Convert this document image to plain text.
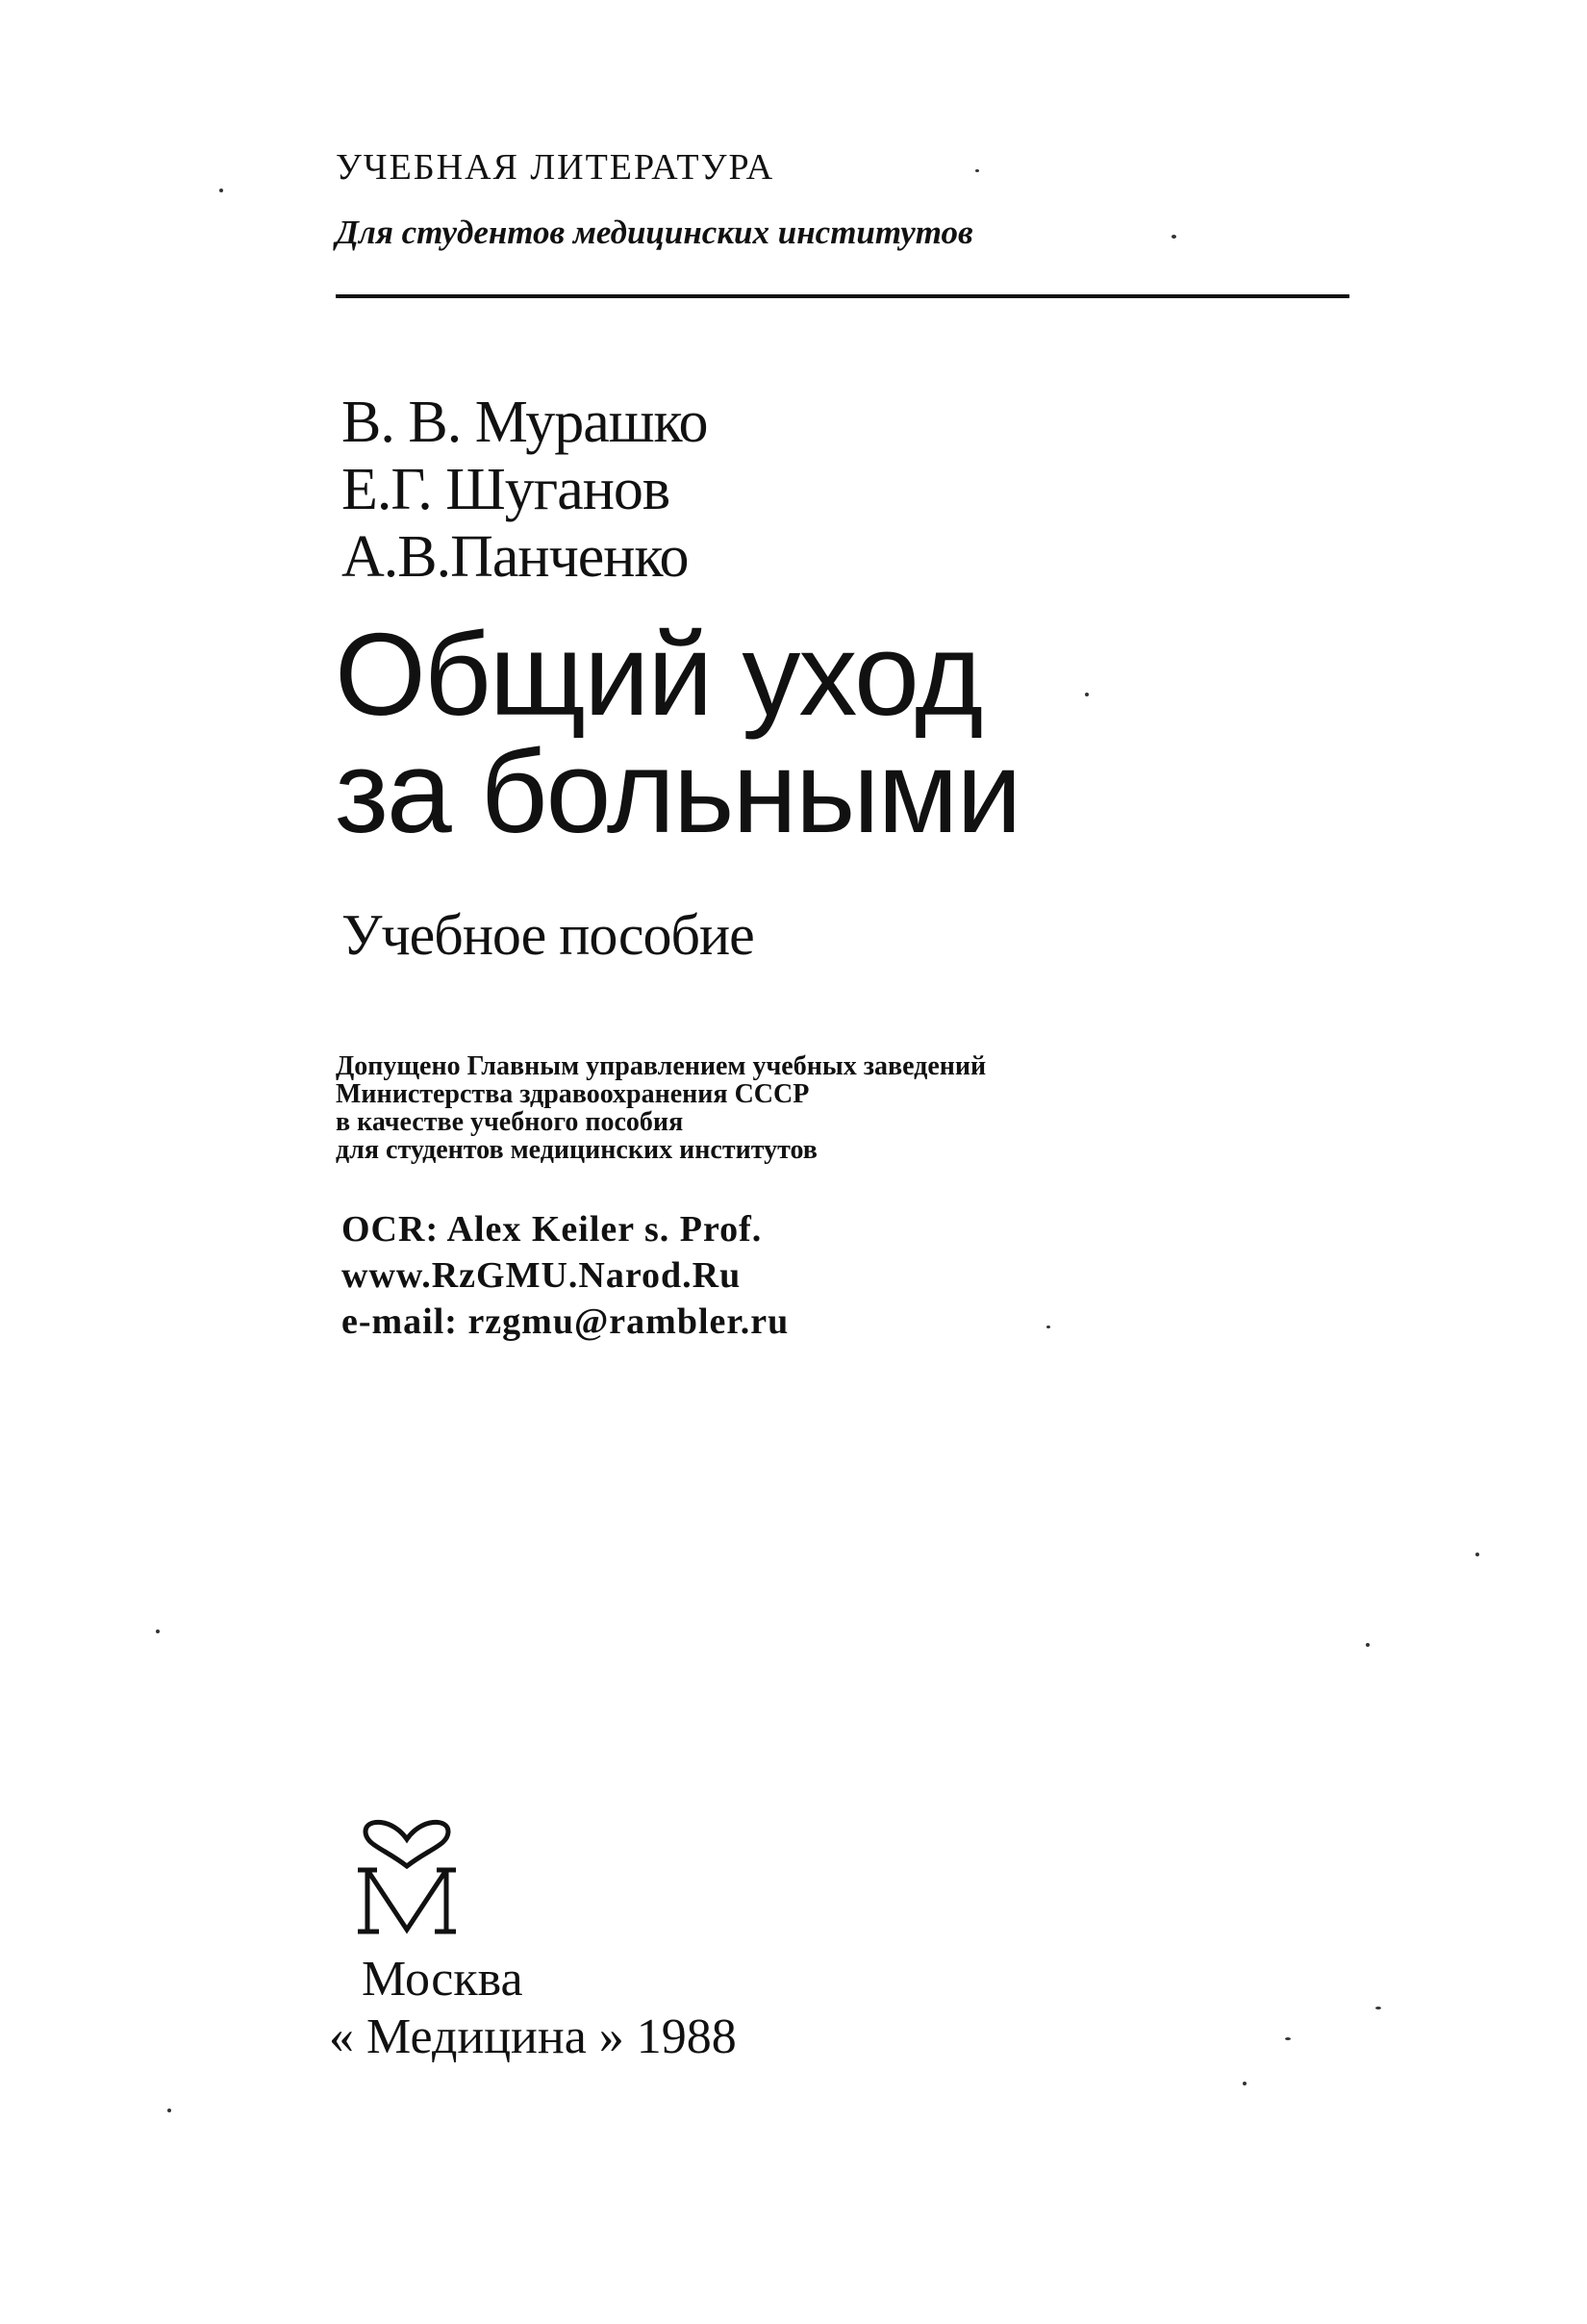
УЧЕБНАЯ ЛИТЕРАТУРА
Для студентов медицинских институтов
В. В. Мурашко
Е.Г. Шуганов
А.В.Панченко
Общий уход
за больными
Учебное пособие
Допущено Главным управлением учебных заведений
Министерства здравоохранения СССР
в качестве учебного пособия
для студентов медицинских институтов
OCR: Alex Keiler s. Prof.
www.RzGMU.Narod.Ru
e-mail: rzgmu@rambler.ru
Москва
« Медицина » 1988
